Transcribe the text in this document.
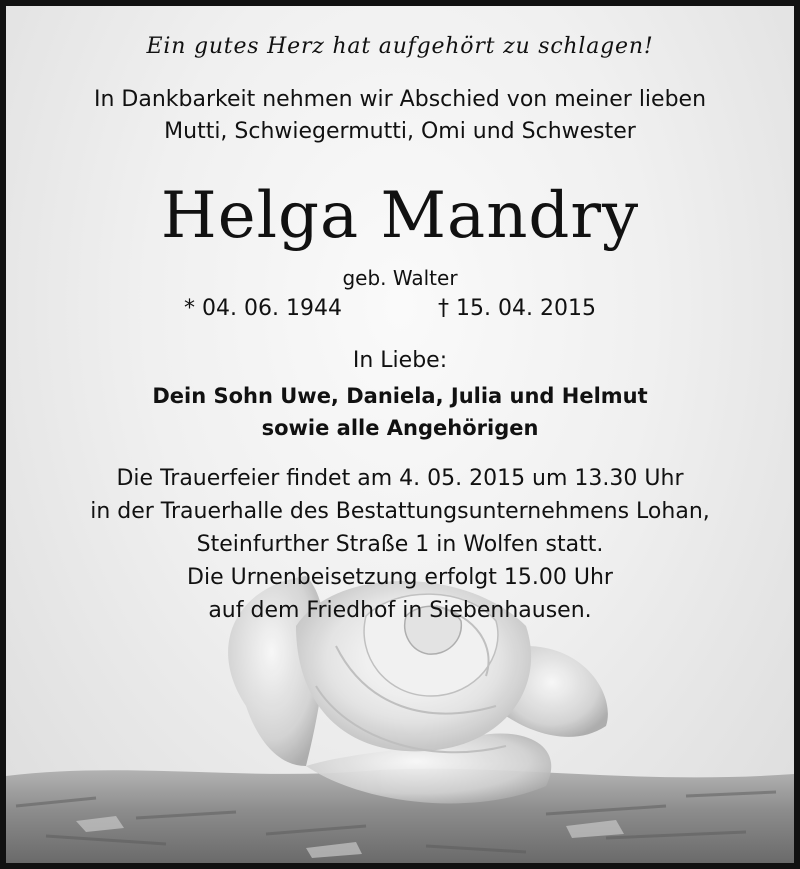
Ein gutes Herz hat aufgehört zu schlagen!

In Dankbarkeit nehmen wir Abschied von meiner lieben
Mutti, Schwiegermutti, Omi und Schwester
Helga Mandry
geb. Walter
* 04. 06. 1944	† 15. 04. 2015
In Liebe:
Dein Sohn Uwe, Daniela, Julia und Helmut
sowie alle Angehörigen
Die Trauerfeier findet am 4. 05. 2015 um 13.30 Uhr
in der Trauerhalle des Bestattungsunternehmens Lohan,
Steinfurther Straße 1 in Wolfen statt.
Die Urnenbeisetzung erfolgt 15.00 Uhr
auf dem Friedhof in Siebenhausen.
